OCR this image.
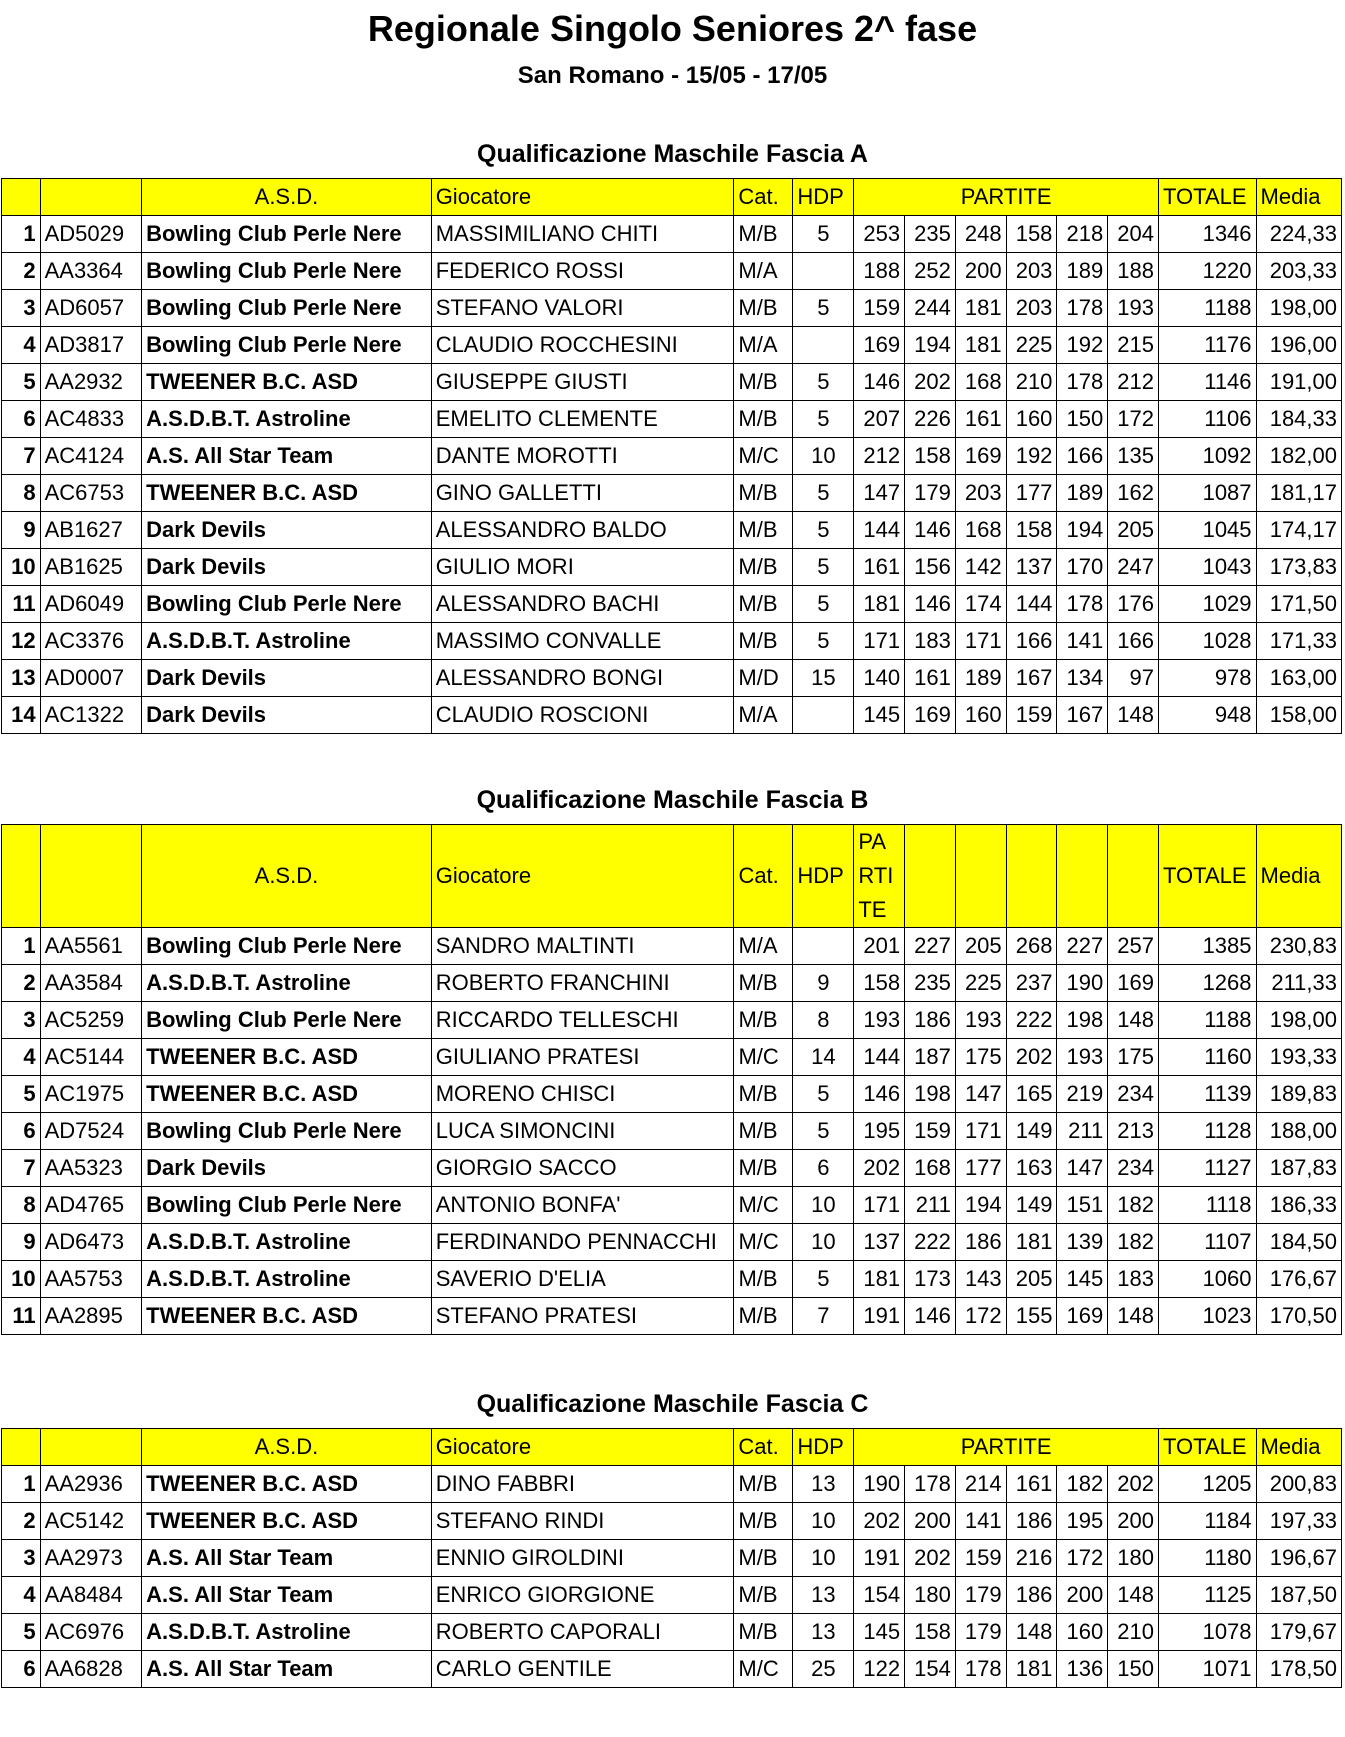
Regionale Singolo Seniores 2^ fase
San Romano - 15/05 - 17/05
Qualificazione Maschile Fascia A
		A.S.D.	Giocatore	Cat.	HDP	PARTITE						TOTALE	Media
1	AD5029	Bowling Club Perle Nere	MASSIMILIANO CHITI	M/B	5	253	235	248	158	218	204	1346	224,33
2	AA3364	Bowling Club Perle Nere	FEDERICO ROSSI	M/A		188	252	200	203	189	188	1220	203,33
3	AD6057	Bowling Club Perle Nere	STEFANO VALORI	M/B	5	159	244	181	203	178	193	1188	198,00
4	AD3817	Bowling Club Perle Nere	CLAUDIO ROCCHESINI	M/A		169	194	181	225	192	215	1176	196,00
5	AA2932	TWEENER B.C. ASD	GIUSEPPE GIUSTI	M/B	5	146	202	168	210	178	212	1146	191,00
6	AC4833	A.S.D.B.T. Astroline	EMELITO CLEMENTE	M/B	5	207	226	161	160	150	172	1106	184,33
7	AC4124	A.S. All Star Team	DANTE MOROTTI	M/C	10	212	158	169	192	166	135	1092	182,00
8	AC6753	TWEENER B.C. ASD	GINO GALLETTI	M/B	5	147	179	203	177	189	162	1087	181,17
9	AB1627	Dark Devils	ALESSANDRO BALDO	M/B	5	144	146	168	158	194	205	1045	174,17
10	AB1625	Dark Devils	GIULIO MORI	M/B	5	161	156	142	137	170	247	1043	173,83
11	AD6049	Bowling Club Perle Nere	ALESSANDRO BACHI	M/B	5	181	146	174	144	178	176	1029	171,50
12	AC3376	A.S.D.B.T. Astroline	MASSIMO CONVALLE	M/B	5	171	183	171	166	141	166	1028	171,33
13	AD0007	Dark Devils	ALESSANDRO BONGI	M/D	15	140	161	189	167	134	97	978	163,00
14	AC1322	Dark Devils	CLAUDIO ROSCIONI	M/A		145	169	160	159	167	148	948	158,00
Qualificazione Maschile Fascia B
		A.S.D.	Giocatore	Cat.	HDP	PA RTI TE						TOTALE	Media
1	AA5561	Bowling Club Perle Nere	SANDRO MALTINTI	M/A		201	227	205	268	227	257	1385	230,83
2	AA3584	A.S.D.B.T. Astroline	ROBERTO FRANCHINI	M/B	9	158	235	225	237	190	169	1268	211,33
3	AC5259	Bowling Club Perle Nere	RICCARDO TELLESCHI	M/B	8	193	186	193	222	198	148	1188	198,00
4	AC5144	TWEENER B.C. ASD	GIULIANO PRATESI	M/C	14	144	187	175	202	193	175	1160	193,33
5	AC1975	TWEENER B.C. ASD	MORENO CHISCI	M/B	5	146	198	147	165	219	234	1139	189,83
6	AD7524	Bowling Club Perle Nere	LUCA SIMONCINI	M/B	5	195	159	171	149	211	213	1128	188,00
7	AA5323	Dark Devils	GIORGIO SACCO	M/B	6	202	168	177	163	147	234	1127	187,83
8	AD4765	Bowling Club Perle Nere	ANTONIO BONFA'	M/C	10	171	211	194	149	151	182	1118	186,33
9	AD6473	A.S.D.B.T. Astroline	FERDINANDO PENNACCHI	M/C	10	137	222	186	181	139	182	1107	184,50
10	AA5753	A.S.D.B.T. Astroline	SAVERIO D'ELIA	M/B	5	181	173	143	205	145	183	1060	176,67
11	AA2895	TWEENER B.C. ASD	STEFANO PRATESI	M/B	7	191	146	172	155	169	148	1023	170,50
Qualificazione Maschile Fascia C
		A.S.D.	Giocatore	Cat.	HDP	PARTITE						TOTALE	Media
1	AA2936	TWEENER B.C. ASD	DINO FABBRI	M/B	13	190	178	214	161	182	202	1205	200,83
2	AC5142	TWEENER B.C. ASD	STEFANO RINDI	M/B	10	202	200	141	186	195	200	1184	197,33
3	AA2973	A.S. All Star Team	ENNIO GIROLDINI	M/B	10	191	202	159	216	172	180	1180	196,67
4	AA8484	A.S. All Star Team	ENRICO GIORGIONE	M/B	13	154	180	179	186	200	148	1125	187,50
5	AC6976	A.S.D.B.T. Astroline	ROBERTO CAPORALI	M/B	13	145	158	179	148	160	210	1078	179,67
6	AA6828	A.S. All Star Team	CARLO GENTILE	M/C	25	122	154	178	181	136	150	1071	178,50
